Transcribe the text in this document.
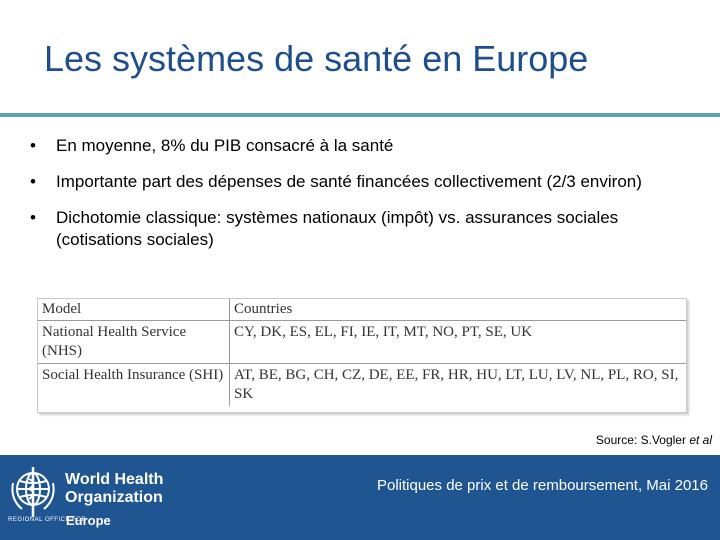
Les systèmes de santé en Europe
•	En moyenne, 8% du PIB consacré à la santé
•	Importante part des dépenses de santé financées collectivement (2/3 environ)
•	Dichotomie classique: systèmes nationaux (impôt) vs. assurances sociales (cotisations sociales)
Model	Countries
National Health Service (NHS)	CY, DK, ES, EL, FI, IE, IT, MT, NO, PT, SE, UK
Social Health Insurance (SHI)	AT, BE, BG, CH, CZ, DE, EE, FR, HR, HU, LT, LU, LV, NL, PL, RO, SI, SK
Source: S.Vogler et al
World Health
Organization
REGIONAL OFFICE FOR
Europe
Politiques de prix et de remboursement, Mai 2016
